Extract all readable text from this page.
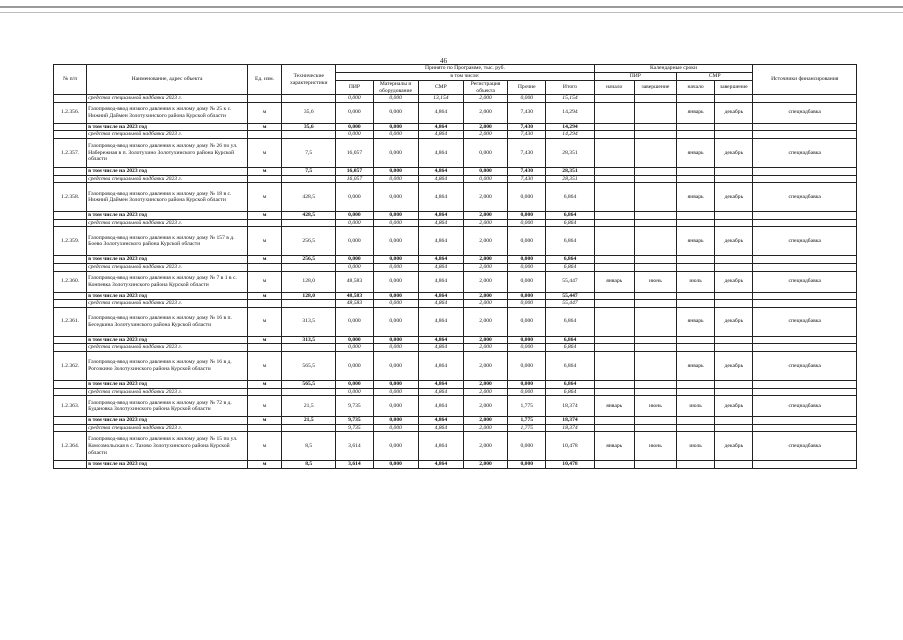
46
№ п/п	Наименование, адрес объекта	Ед. изм.	Технические характеристики	Принято по Программе, тыс. руб.						Календарные сроки				Источники финансирования
				в том числе:						ПИР		СМР		
				ПИР	Материалы и оборудование	СМР	Регистрация объекта	Прочие	Итого	начало	завершение	начало	завершение	
	средства специальной надбавки 2023 г.			0,000	0,000	13,154	2,000	0,000	15,154					
1.2.356.	Газопровод-ввод низкого давления к жилому дому № 25 к с. Нижний Даймен Золотухинского района Курской области	м	35,6	0,000	0,000	4,864	2,000	7,430	14,294			январь	декабрь	спецнадбавка
	в том числе на 2023 год	м	35,6	0,000	0,000	4,864	2,000	7,430	14,294					
	средства специальной надбавки 2023 г.			0,000	0,000	4,864	2,000	7,430	14,294					
1.2.357.	Газопровод-ввод низкого давления к жилому дому № 26 по ул. Набережная в п. Золотухино Золотухинского района Курской области	м	7,5	16,057	0,000	4,864	0,000	7,430	28,351			январь	декабрь	спецнадбавка
	в том числе на 2023 год	м	7,5	16,057	0,000	4,864	0,000	7,430	28,351					
	средства специальной надбавки 2023 г.			16,057	0,000	4,864	0,000	7,430	28,351					
1.2.358.	Газопровод-ввод низкого давления к жилому дому № 18 в с. Нижний Даймен Золотухинского района Курской области	м	428,5	0,000	0,000	4,864	2,000	0,000	6,864			январь	декабрь	спецнадбавка
	в том числе на 2023 год	м	428,5	0,000	0,000	4,864	2,000	0,000	6,864					
	средства специальной надбавки 2023 г.			0,000	0,000	4,864	2,000	0,000	6,864					
1.2.359.	Газопровод-ввод низкого давления к жилому дому № 157 в д. Боево Золотухинского района Курской области	м	256,5	0,000	0,000	4,864	2,000	0,000	6,864			январь	декабрь	спецнадбавка
	в том числе на 2023 год	м	256,5	0,000	0,000	4,864	2,000	0,000	6,864					
	средства специальной надбавки 2023 г.			0,000	0,000	4,864	2,000	0,000	6,864					
1.2.360.	Газопровод-ввод низкого давления к жилому дому № 7 в 1 в с. Конпевка Золотухинского района Курской области	м	128,0	48,583	0,000	4,864	2,000	0,000	55,447	январь	июнь	июль	декабрь	спецнадбавка
	в том числе на 2023 год	м	128,0	48,583	0,000	4,864	2,000	0,000	55,447					
	средства специальной надбавки 2023 г.			48,583	0,000	4,864	2,000	0,000	55,447					
1.2.361.	Газопровод-ввод низкого давления к жилому дому № 16 в п. Беседкина Золотухинского района Курской области	м	313,5	0,000	0,000	4,864	2,000	0,000	6,864			январь	декабрь	спецнадбавка
	в том числе на 2023 год	м	313,5	0,000	0,000	4,864	2,000	0,000	6,864					
	средства специальной надбавки 2023 г.			0,000	0,000	4,864	2,000	0,000	6,864					
1.2.362.	Газопровод-ввод низкого давления к жилому дому № 16 в д. Рогозкино Золотухинского района Курской области	м	565,5	0,000	0,000	4,864	2,000	0,000	6,864			январь	декабрь	спецнадбавка
	в том числе на 2023 год	м	565,5	0,000	0,000	4,864	2,000	0,000	6,864					
	средства специальной надбавки 2023 г.			0,000	0,000	4,864	2,000	0,000	6,864					
1.2.363.	Газопровод-ввод низкого давления к жилому дому № 72 в д. Будановка Золотухинского района Курской области	м	21,5	9,735	0,000	4,864	2,000	1,775	18,374	январь	июнь	июль	декабрь	спецнадбавка
	в том числе на 2023 год	м	21,5	9,735	0,000	4,864	2,000	1,775	18,374					
	средства специальной надбавки 2023 г.			9,735	0,000	4,864	2,000	1,775	18,374					
1.2.364.	Газопровод-ввод низкого давления к жилому дому № 15 по ул. Комсомольская в с. Тазово Золотухинского района Курской области	м	8,5	3,614	0,000	4,864	2,000	0,000	10,478	январь	июнь	июль	декабрь	спецнадбавка
	в том числе на 2023 год	м	8,5	3,614	0,000	4,864	2,000	0,000	10,478					
